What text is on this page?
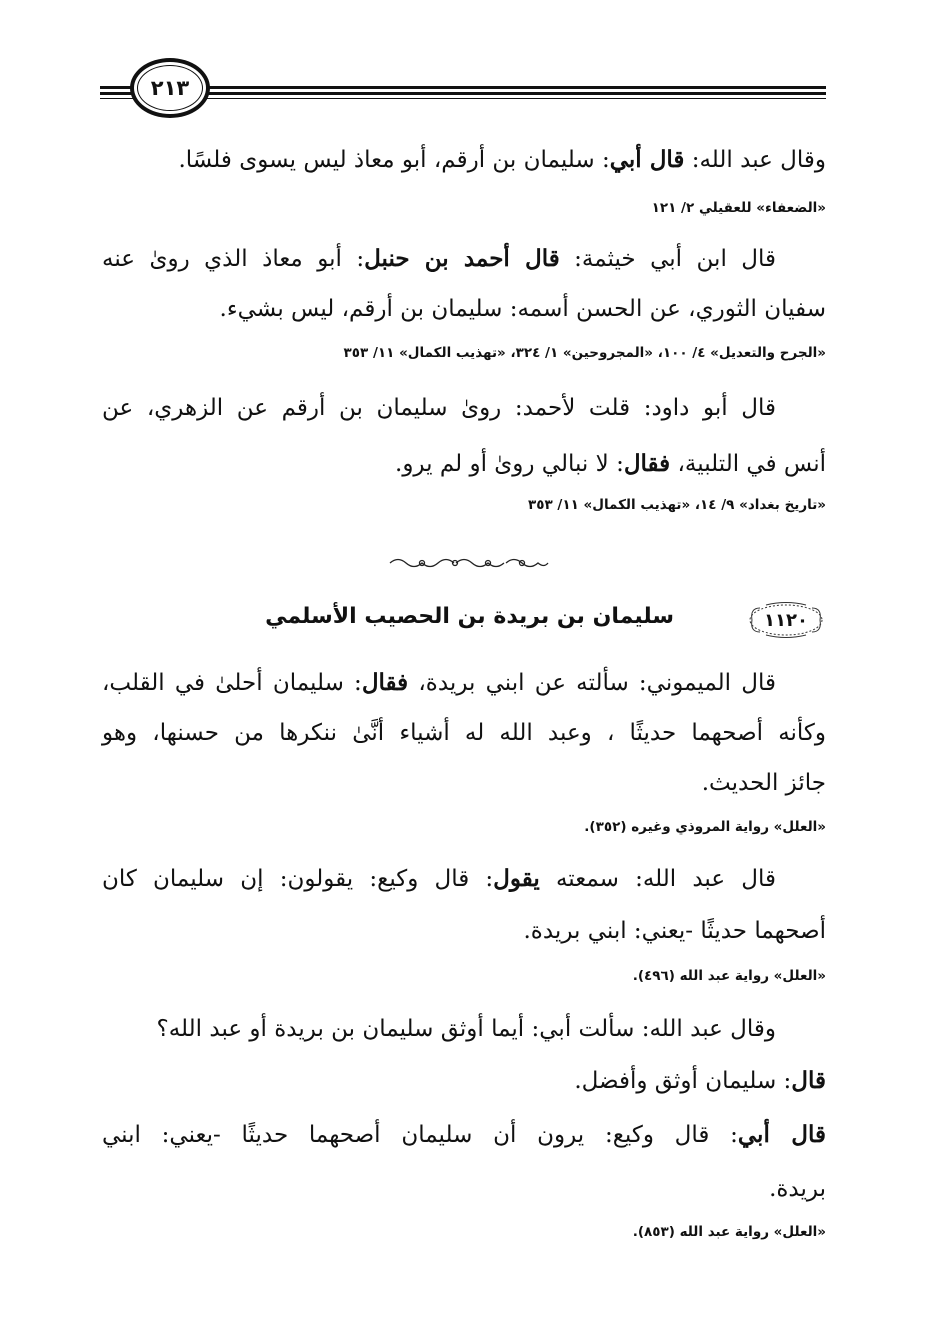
٢١٣
وقال عبد الله: قال أبي: سليمان بن أرقم، أبو معاذ ليس يسوى فلسًا.
«الضعفاء» للعقيلي ٢/ ١٢١
قال ابن أبي خيثمة: قال أحمد بن حنبل: أبو معاذ الذي روىٰ عنه
سفيان الثوري، عن الحسن أسمه: سليمان بن أرقم، ليس بشيء.
«الجرح والتعديل» ٤/ ١٠٠، «المجروحين» ١/ ٣٢٤، «تهذيب الكمال» ١١/ ٣٥٣
قال أبو داود: قلت لأحمد: روىٰ سليمان بن أرقم عن الزهري، عن
أنس في التلبية، فقال: لا نبالي روىٰ أو لم يرو.
«تاريخ بغداد» ٩/ ١٤، «تهذيب الكمال» ١١/ ٣٥٣
١١٢٠
سليمان بن بريدة بن الحصيب الأسلمي
قال الميموني: سألته عن ابني بريدة، فقال: سليمان أحلىٰ في القلب،
وكأنه أصحهما حديثًا ، وعبد الله له أشياء أنَّىٰ ننكرها من حسنها، وهو
جائز الحديث.
«العلل» رواية المروذي وغيره (٣٥٢).
قال عبد الله: سمعته يقول: قال وكيع: يقولون: إن سليمان كان
أصحهما حديثًا -يعني: ابني بريدة.
«العلل» رواية عبد الله (٤٩٦).
وقال عبد الله: سألت أبي: أيما أوثق سليمان بن بريدة أو عبد الله؟
قال: سليمان أوثق وأفضل.
قال أبي: قال وكيع: يرون أن سليمان أصحهما حديثًا -يعني: ابني
بريدة.
«العلل» رواية عبد الله (٨٥٣).
